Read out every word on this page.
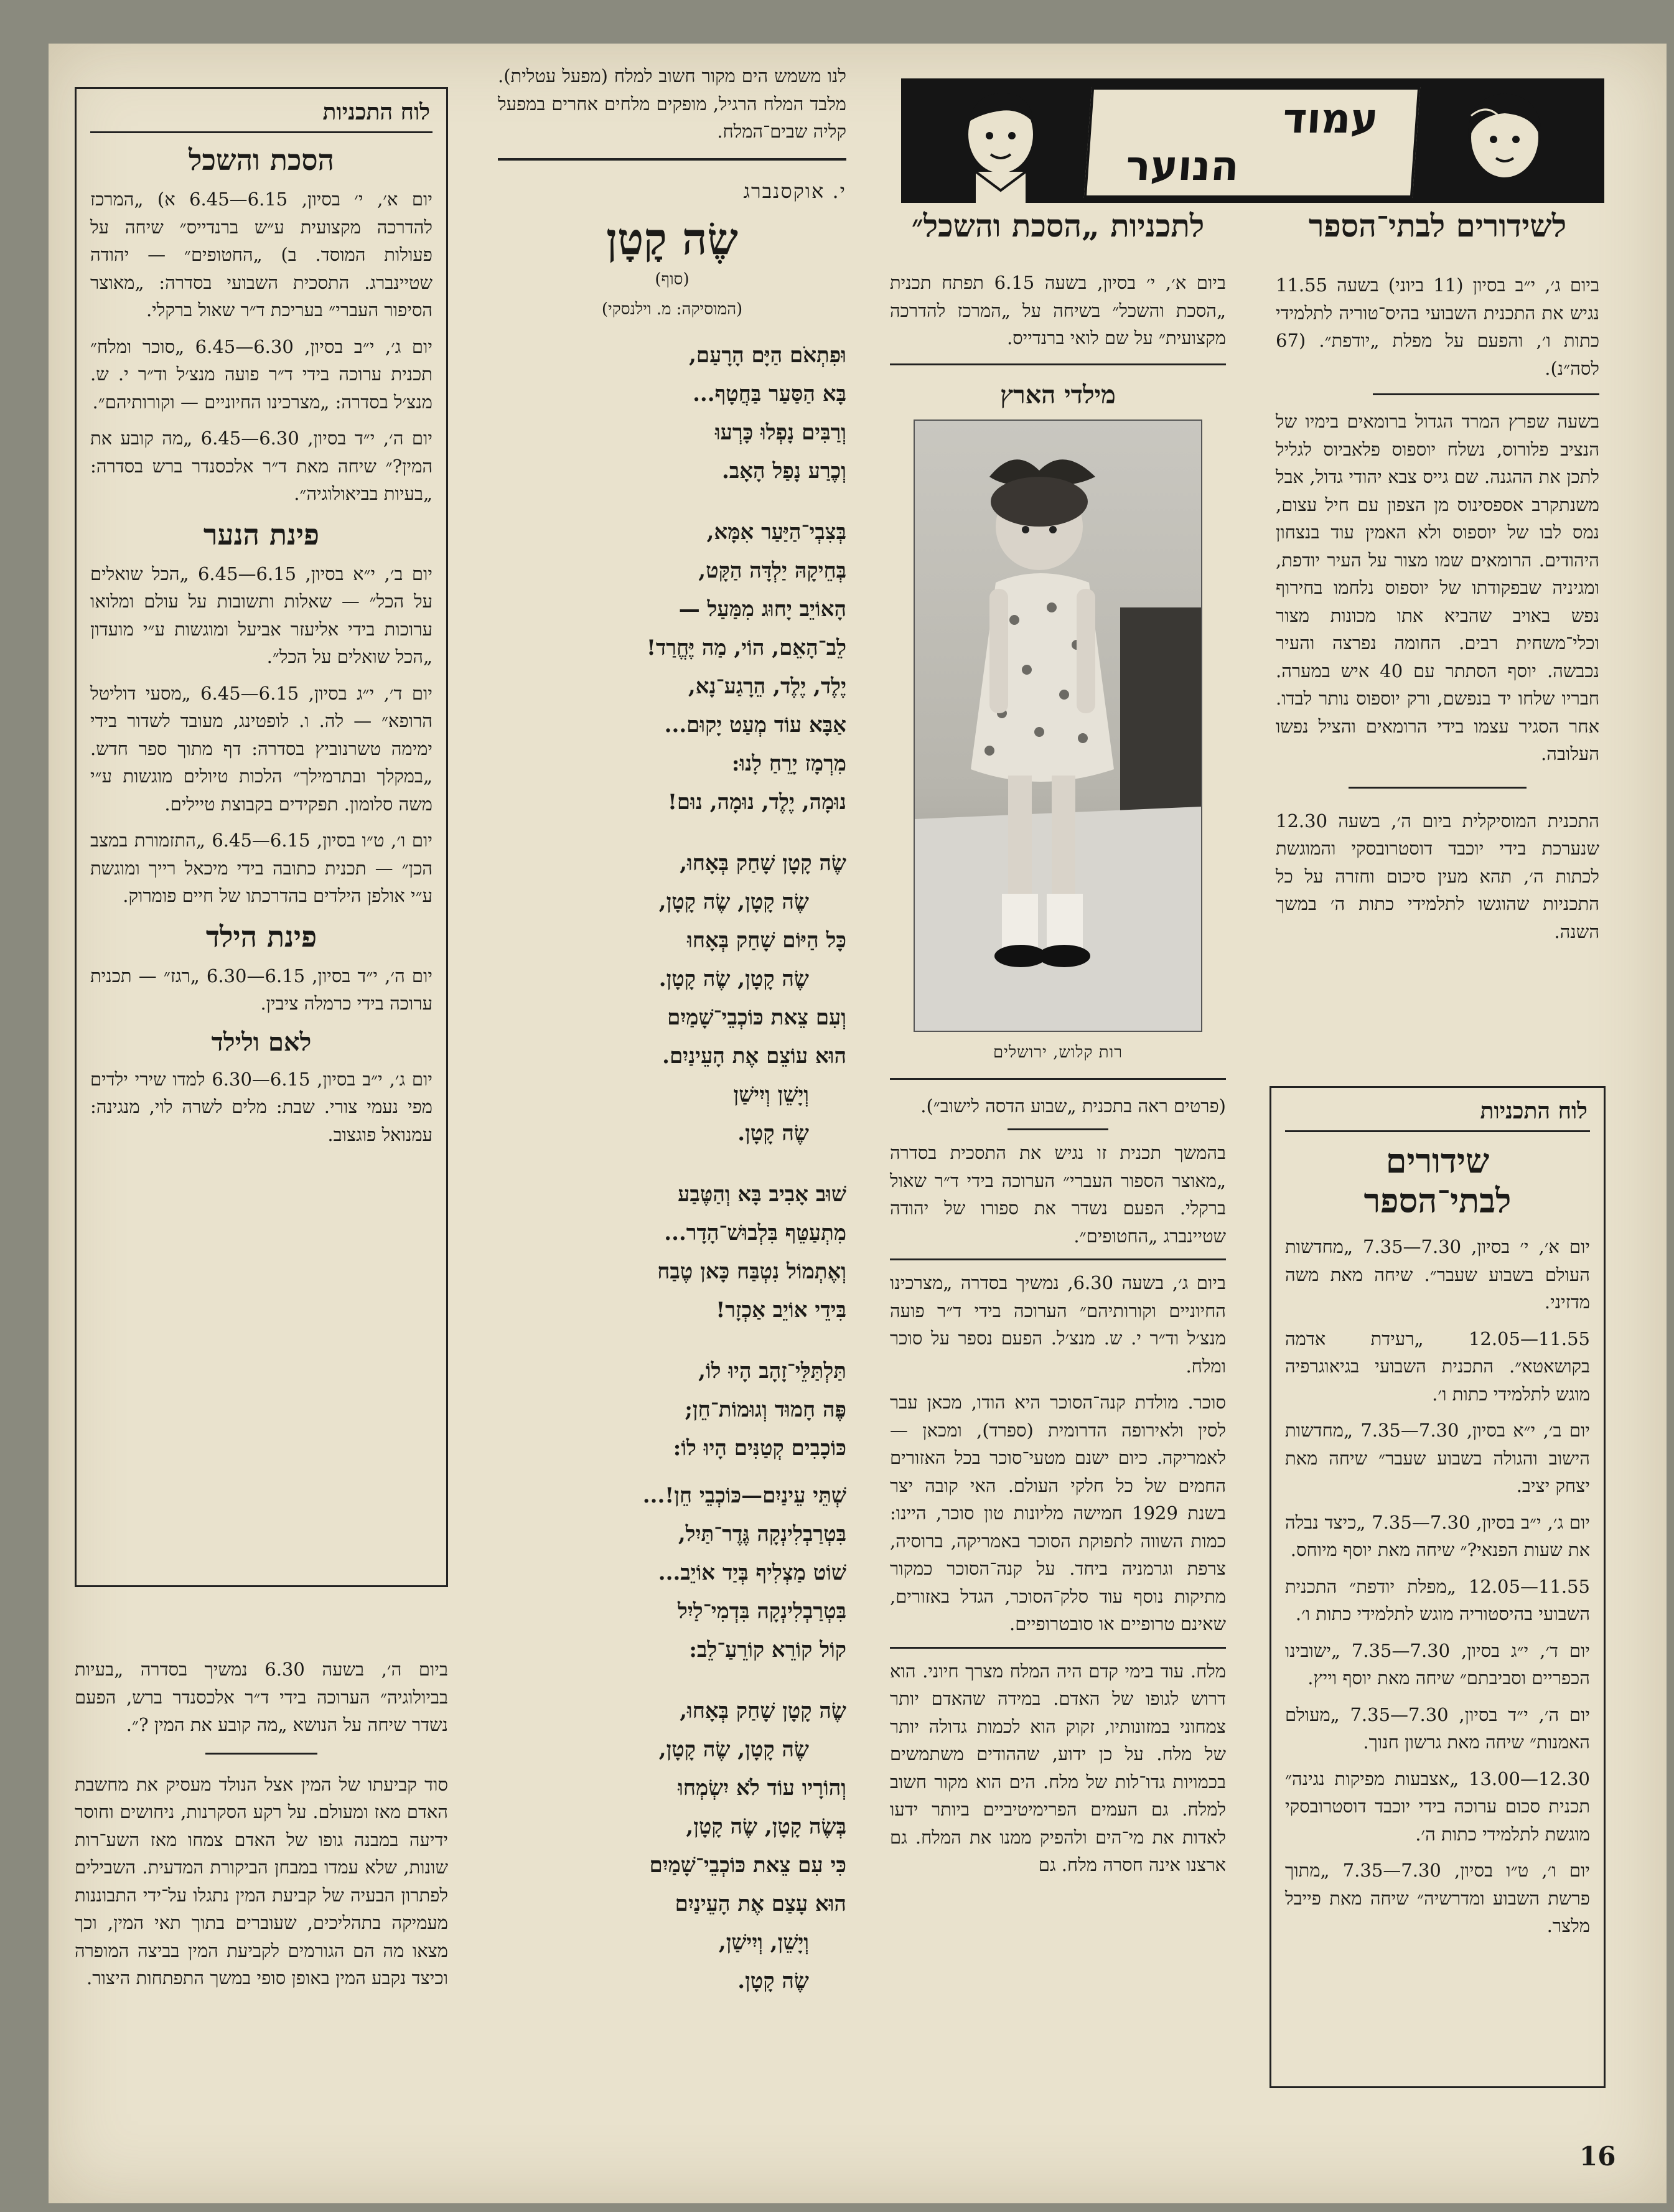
לשידורים לבתי־הספר

ביום ג׳, י״ב בסיון (11 ביוני) בשעה 11.55 נגיש את התכנית השבועי בהיס־טוריה לתלמידי כתות ו׳, והפעם על מפלת „יודפת״. (67 לסה״נ).

בשעה שפרץ המרד הגדול ברומאים בימיו של הנציב פלורוס, נשלח יוספוס פלאביוס לגליל לתכן את ההגנה. שם גייס צבא יהודי גדול, אבל משנתקרב אספסינוס מן הצפון עם חיל עצום, נמס לבו של יוספוס ולא האמין עוד בנצחון היהודים. הרומאים שמו מצור על העיר יודפת, ומגיניה שבפקודתו של יוספוס נלחמו בחירוף נפש באויב שהביא אתו מכונות מצור וכלי־משחית רבים. החומה נפרצה והעיר נכבשה. יוסף הסתתר עם 40 איש במערה. חבריו שלחו יד בנפשם, ורק יוספוס נותר לבדו. אחר הסגיר עצמו בידי הרומאים והציל נפשו העלובה.

התכנית המוסיקלית ביום ה׳, בשעה 12.30 שנערכת בידי יוכבד דוסטרובסקי והמוגשת לכתות ה׳, תהא מעין סיכום וחזרה על כל התכניות שהוגשו לתלמידי כתות ה׳ במשך השנה.

לוח התכניות
שידורים לבתי־הספר

יום א׳, י׳ בסיון, 7.30—7.35 „מחדשות העולם בשבוע שעבר״. שיחה מאת משה מדזיני.

11.55—12.05 „רעידת אדמה בקושאטא״. התכנית השבועי בגיאוגרפיה מוגש לתלמידי כתות ו׳.

יום ב׳, י״א בסיון, 7.30—7.35 „מחדשות הישוב והגולה בשבוע שעבר״ שיחה מאת יצחק יציב.

יום ג׳, י״ב בסיון, 7.30—7.35 „כיצד נבלה את שעות הפנאי?״ שיחה מאת יוסף מיוחס.

11.55—12.05 „מפלת יודפת״ התכנית השבועי בהיסטוריה מוגש לתלמידי כתות ו׳.

יום ד׳, י״ג בסיון, 7.30—7.35 „ישובינו הכפריים וסביבתם״ שיחה מאת יוסף וייץ.

יום ה׳, י״ד בסיון, 7.30—7.35 „מעולם האמנות״ שיחה מאת גרשון חנוך.

12.30—13.00 „אצבעות מפיקות נגינה״ תכנית סכום ערוכה בידי יוכבד דוסטרובסקי מוגשת לתלמידי כתות ה׳.

יום ו׳, ט״ו בסיון, 7.30—7.35 „מתוך פרשת השבוע ומדרשיה״ שיחה מאת פייבל מלצר.

עמוד
הנוער
לתכניות „הסכת והשכל״

ביום א׳, י׳ בסיון, בשעה 6.15 תפתח תכנית „הסכת והשכל״ בשיחה על „המרכז להדרכה מקצועית״ על שם לואי ברנדייס.

מילדי הארץ
רות קלוש, ירושלים

(פרטים ראה בתכנית „שבוע הדסה לישוב״).

בהמשך תכנית זו נגיש את התסכית בסדרה „מאוצר הספור העברי״ הערוכה בידי ד״ר שאול ברקלי. הפעם נשדר את ספורו של יהודה שטיינברג „החטופים״.

ביום ג׳, בשעה 6.30, נמשיך בסדרה „מצרכינו החיוניים וקורותיהם״ הערוכה בידי ד״ר פועה מנצ׳ל וד״ר י. ש. מנצ׳ל. הפעם נספר על סוכר ומלח.

סוכר. מולדת קנה־הסוכר היא הודו, מכאן עבר לסין ולאירופה הדרומית (ספרד), ומכאן — לאמריקה. כיום ישנם מטעי־סוכר בכל האזורים החמים של כל חלקי העולם. האי קובה יצר בשנת 1929 חמישה מליונות טון סוכר, היינו: כמות השווה לתפוקת הסוכר באמריקה, ברוסיה, צרפת וגרמניה ביחד. על קנה־הסוכר כמקור מתיקות נוסף עוד סלק־הסוכר, הגדל באזורים, שאינם טרופיים או סובטרופיים.

מלח. עוד בימי קדם היה המלח מצרך חיוני. הוא דרוש לגופו של האדם. במידה שהאדם יותר צמחוני במזונותיו, זקוק הוא לכמות גדולה יותר של מלח. על כן ידוע, שההודים משתמשים בכמויות גדו־לות של מלח. הים הוא מקור חשוב למלח. גם העמים הפרימיטיביים ביותר ידעו לאדות את מי־הים ולהפיק ממנו את המלח. גם ארצנו אינה חסרה מלח. גם

לנו משמש הים מקור חשוב למלח (מפעל עטלית). מלבד המלח הרגיל, מופקים מלחים אחרים במפעל קליה שבים־המלח.

י. אוקסנברג
שֶׂה קָטָן
(סוף)
(המוסיקה: מ. וילנסקי)
וּפִתְאֹם הַיָּם הָרָעַם,
בָּא הַסַּעַר בַּחֲטָף...
וְרַבִּים נָפְלוּ כָּרְעוּ
וְכֶרַע נָפַל הָאָב.
בְּצִבְי־הַיַּעַר אִמָּא,
בְּחֵיקָהּ יַלְדָּה הַקָּט,
הָאוֹיֵב יָחוּג מִמַּעַל —
לֵב־הָאֵם, הוֹי, מַה יֶּחֱרַד!
יֶלֶד, יֶלֶד, הֵרָגַע־נָא,
אַבָּא עוֹד מְעַט יָקוּם...
מִרְמָז יָרֵחַ לָנוּ:
נוּמָה, יֶלֶד, נוּמָה, נוּם!
שֶׂה קָטָן שָׁחַק בְּאָחוּ,
שֶׂה קָטָן, שֶׂה קָטָן,
כָּל הַיּוֹם שָׁחַק בְּאָחוּ
שֶׂה קָטָן, שֶׂה קָטָן.
וְעִם צֵאת כּוֹכְבֵי־שָׁמַיִם
הוּא עוֹצֵם אֶת הָעֵינַיִם.
וְיָשֵׁן וְיִישַׁן
שֶׂה קָטָן.
שׁוּב אָבִיב בָּא וְהַטֶּבַע
מִתְעַטֵּף בִּלְבוּשׁ־הָדָר...
וְאֶתְמוֹל נִטְבַּח כָּאן טֶבַח
בִּידֵי אוֹיֵב אַכְזָר!
תַּלְתַּלֵּי־זָהָב הָיוּ לוֹ,
פֶּה חָמוּד וְגוּמוֹת־חֵן;
כּוֹכָבִים קְטַנִּים הָיוּ לוֹ:
שְׁתֵּי עֵינַיִם—כּוֹכְבֵי חֵן!...
בִּטְרַבְלִינְקָה גֶּדֶר־תַּיִל,
שׁוֹט מַצְלִיף בְּיַד אוֹיֵב...
בִּטְרַבְלִינְקָה בִּדְמִי־לַיִל
קוֹל קוֹרֵא קוֹרֵעַ־לֵב:
שֶׂה קָטָן שָׁחַק בְּאָחוּ,
שֶׂה קָטָן, שֶׂה קָטָן,
וְהוֹרָיו עוֹד לֹא יִשְׂמְחוּ
בְּשֶׂה קָטָן, שֶׂה קָטָן,
כִּי עִם צֵאת כּוֹכְבֵי־שָׁמַיִם
הוּא עָצַם אֶת הָעֵינַיִם
וְיָשֵׁן, וְיִישַׁן,
שֶׂה קָטָן.
לוח התכניות
הסכת והשכל

יום א׳, י׳ בסיון, 6.15—6.45 א) „המרכז להדרכה מקצועית ע״ש ברנדייס״ שיחה על פעולות המוסד. ב) „החטופים״ — יהודה שטיינברג. התסכית השבועי בסדרה: „מאוצר הסיפור העברי״ בעריכת ד״ר שאול ברקלי.

יום ג׳, י״ב בסיון, 6.30—6.45 „סוכר ומלח״ תכנית ערוכה בידי ד״ר פועה מנצ׳ל וד״ר י. ש. מנצ׳ל בסדרה: „מצרכינו החיוניים — וקורותיהם״.

יום ה׳, י״ד בסיון, 6.30—6.45 „מה קובע את המין?״ שיחה מאת ד״ר אלכסנדר ברש בסדרה: „בעיות בביאולוגיה״.

פינת הנער

יום ב׳, י״א בסיון, 6.15—6.45 „הכל שואלים על הכל״ — שאלות ותשובות על עולם ומלואו ערוכות בידי אליעזר אביעל ומוגשות ע״י מועדון „הכל שואלים על הכל״.

יום ד׳, י״ג בסיון, 6.15—6.45 „מסעי דוליטל הרופא״ — לה. ו. לופטינג, מעובד לשדור בידי ימימה טשרנוביץ בסדרה: דף מתוך ספר חדש. „במקלך ובתרמילך״ הלכות טיולים מוגשות ע״י משה סלומון. תפקידים בקבוצת טיילים.

יום ו׳, ט״ו בסיון, 6.15—6.45 „התזמורת במצב הכן״ — תכנית כתובה בידי מיכאל רייך ומוגשת ע״י אולפן הילדים בהדרכתו של חיים פומרוק.

פינת הילד

יום ה׳, י״ד בסיון, 6.15—6.30 „רגז״ — תכנית ערוכה בידי כרמלה ציבין.

לאם ולילד

יום ג׳, י״ב בסיון, 6.15—6.30 למדו שירי ילדים מפי נעמי צורי. שבת: מלים לשרה לוי, מנגינה: עמנואל פוגצוב.

ביום ה׳, בשעה 6.30 נמשיך בסדרה „בעיות בביולוגיה״ הערוכה בידי ד״ר אלכסנדר ברש, הפעם נשדר שיחה על הנושא „מה קובע את המין ?״.

סוד קביעתו של המין אצל הנולד מעסיק את מחשבת האדם מאז ומעולם. על רקע הסקרנות, ניחושים וחוסר ידיעה במבנה גופו של האדם צמחו מאז השע־רות שונות, שלא עמדו במבחן הביקורת המדעית. השבילים לפתרון הבעיה של קביעת המין נתגלו על־ידי התבוננות מעמיקה בתהליכים, שעוברים בתוך תאי המין, וכך מצאו מה הם הגורמים לקביעת המין בביצה המופרה וכיצד נקבע המין באופן סופי במשך התפתחות היצור.

16
